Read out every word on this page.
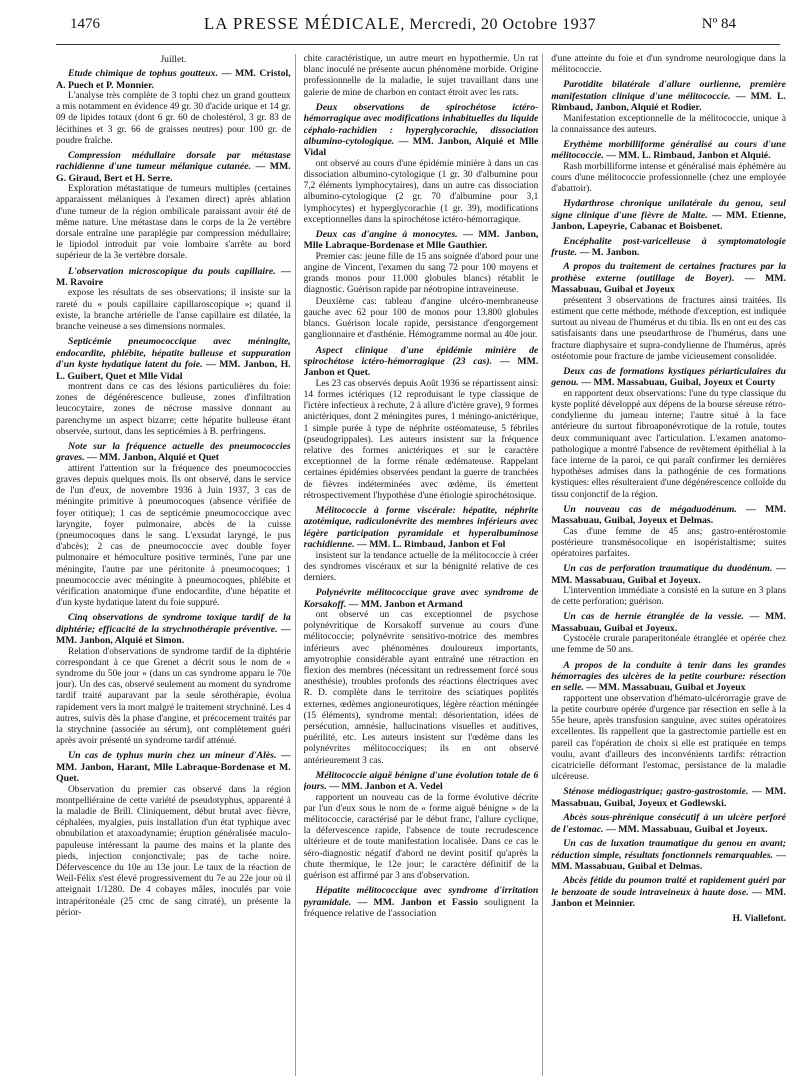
1476	LA PRESSE MÉDICALE, Mercredi, 20 Octobre 1937	Nº 84
Juillet.
Etude chimique de tophus goutteux. — MM. Cristol, A. Puech et P. Monnier.

L'analyse très complète de 3 tophi chez un grand goutteux a mis notamment en évidence 49 gr. 30 d'acide urique et 14 gr. 09 de lipides totaux (dont 6 gr. 60 de cholestérol, 3 gr. 83 de lécithines et 3 gr. 66 de graisses neutres) pour 100 gr. de poudre fraîche.

Compression médullaire dorsale par métastase rachidienne d'une tumeur mélanique cutanée. — MM. G. Giraud, Bert et H. Serre.

Exploration métastatique de tumeurs multiples (certaines apparaissent mélaniques à l'examen direct) après ablation d'une tumeur de la région ombilicale paraissant avoir été de même nature. Une métastase dans le corps de la 2e vertèbre dorsale entraîne une paraplégie par compression médullaire; le lipiodol introduit par voie lombaire s'arrête au bord supérieur de la 3e vertèbre dorsale.

L'observation microscopique du pouls capillaire. — M. Ravoire

expose les résultats de ses observations; il insiste sur la rareté du « pouls capillaire capillaroscopique »; quand il existe, la branche artérielle de l'anse capillaire est dilatée, la branche veineuse a ses dimensions normales.

Septicémie pneumococcique avec méningite, endocardite, phlébite, hépatite bulleuse et suppuration d'un kyste hydatique latent du foie. — MM. Janbon, H. L. Guibert, Quet et Mlle Vidal

montrent dans ce cas des lésions particulières du foie: zones de dégénérescence bulleuse, zones d'infiltration leucocytaire, zones de nécrose massive donnant au parenchyme un aspect bizarre; cette hépatite bulleuse étant observée, surtout, dans les septicémies à B. perfringens.

Note sur la fréquence actuelle des pneumococcies graves. — MM. Janbon, Alquié et Quet

attirent l'attention sur la fréquence des pneumococcies graves depuis quelques mois. Ils ont observé, dans le service de l'un d'eux, de novembre 1936 à Juin 1937, 3 cas de méningite primitive à pneumocoques (absence vérifiée de foyer otitique); 1 cas de septicémie pneumococcique avec laryngite, foyer pulmonaire, abcès de la cuisse (pneumocoques dans le sang. L'exsudat laryngé, le pus d'abcès); 2 cas de pneumococcie avec double foyer pulmonaire et hémoculture positive terminés, l'une par une méningite, l'autre par une péritonite à pneumocoques; 1 pneumococcie avec méningite à pneumocoques, phlébite et vérification anatomique d'une endocardite, d'une hépatite et d'un kyste hydatique latent du foie suppuré.

Cinq observations de syndrome toxique tardif de la diphtérie; efficacité de la strychnothérapie préventive. — MM. Janbon, Alquié et Simon.

Relation d'observations de syndrome tardif de la diphtérie correspondant à ce que Grenet a décrit sous le nom de « syndrome du 50e jour » (dans un cas syndrome apparu le 70e jour). Un des cas, observé seulement au moment du syndrome tardif traité auparavant par la seule sérothérapie, évolua rapidement vers la mort malgré le traitement strychniné. Les 4 autres, suivis dès la phase d'angine, et précocement traités par la strychnine (associée au sérum), ont complètement guéri après avoir présenté un syndrome tardif atténué.

Un cas de typhus murin chez un mineur d'Alès. — MM. Janbon, Harant, Mlle Labraque-Bordenase et M. Quet.

Observation du premier cas observé dans la région montpelliéraine de cette variété de pseudotyphus, apparenté à la maladie de Brill. Cliniquement, début brutal avec fièvre, céphalées, myalgies, puis installation d'un état typhique avec obnubilation et ataxoadynamie; éruption généralisée maculo-papuleuse intéressant la paume des mains et la plante des pieds, injection conjonctivale; pas de tache noire. Défervescence du 10e au 13e jour. Le taux de la réaction de Weil-Félix s'est élevé progressivement du 7e au 22e jour où il atteignait 1/1280. De 4 cobayes mâles, inoculés par voie intrapéritonéale (25 cmc de sang citraté), un présente la périor-

chite caractéristique, un autre meurt en hypothermie. Un rat blanc inoculé ne présente aucun phénomène morbide. Origine professionnelle de la maladie, le sujet travaillant dans une galerie de mine de charbon en contact étroit avec les rats.

Deux observations de spirochétose ictéro-hémorragique avec modifications inhabituelles du liquide céphalo-rachidien : hyperglycorachie, dissociation albumino-cytologique. — MM. Janbon, Alquié et Mlle Vidal

ont observé au cours d'une épidémie minière à dans un cas dissociation albumino-cytologique (1 gr. 30 d'albumine pour 7,2 éléments lymphocytaires), dans un autre cas dissociation albumino-cytologique (2 gr. 70 d'albumine pour 3,1 lymphocytes) et hyperglycorachie (1 gr. 39), modifications exceptionnelles dans la spirochétose ictéro-hémorragique.

Deux cas d'angine à monocytes. — MM. Janbon, Mlle Labraque-Bordenase et Mlle Gauthier.

Premier cas: jeune fille de 15 ans soignée d'abord pour une angine de Vincent, l'examen du sang 72 pour 100 moyens et grands monos pour 11.000 globules blancs) rétablit le diagnostic. Guérison rapide par néotropine intraveineuse.

Deuxième cas: tableau d'angine ulcéro-membraneuse gauche avec 62 pour 100 de monos pour 13.800 globules blancs. Guérison locale rapide, persistance d'engorgement ganglionnaire et d'asthénie. Hémogramme normal au 40e jour.

Aspect clinique d'une épidémie minière de spirochétose ictéro-hémorragique (23 cas). — MM. Janbon et Quet.

Les 23 cas observés depuis Août 1936 se répartissent ainsi: 14 formes ictériques (12 reproduisant le type classique de l'ictère infectieux à rechute, 2 à allure d'ictère grave), 9 formes anictériques, dont 2 méningites pures, 1 méningo-anictérique, 1 simple purée à type de néphrite ostéomateuse, 5 fébriles (pseudogrippales). Les auteurs insistent sur la fréquence relative des formes anictériques et sur le caractère exceptionnel de la forme rénale œdémateuse. Rappelant certaines épidémies observées pendant la guerre de tranchées de fièvres indéterminées avec œdème, ils émettent rétrospectivement l'hypothèse d'une étiologie spirochétosique.

Mélitococcie à forme viscérale: hépatite, néphrite azotémique, radiculonévrite des membres inférieurs avec légère participation pyramidale et hyperalbuminose rachidienne. — MM. L. Rimbaud, Janbon et Fol

insistent sur la tendance actuelle de la mélitococcie à créer des syndromes viscéraux et sur la bénignité relative de ces derniers.

Polynévrite mélitococcique grave avec syndrome de Korsakoff. — MM. Janbon et Armand

ont observé un cas exceptionnel de psychose polynévritique de Korsakoff survenue au cours d'une mélitococcie; polynévrite sensitivo-motrice des membres inférieurs avec phénomènes douloureux importants, amyotrophie considérable ayant entraîné une rétraction en flexion des membres (nécessitant un redressement forcé sous anesthésie), troubles profonds des réactions électriques avec R. D. complète dans le territoire des sciatiques poplités externes, œdèmes angioneurotiques, légère réaction méningée (15 éléments), syndrome mental: désorientation, idées de persécution, amnésie, hallucinations visuelles et auditives, puérilité, etc. Les auteurs insistent sur l'œdème dans les polynévrites mélitococciques; ils en ont observé antérieurement 3 cas.

Mélitococcie aiguë bénigne d'une évolution totale de 6 jours. — MM. Janbon et A. Vedel

rapportent un nouveau cas de la forme évolutive décrite par l'un d'eux sous le nom de « forme aiguë bénigne » de la mélitococcie, caractérisé par le début franc, l'allure cyclique, la défervescence rapide, l'absence de toute recrudescence ultérieure et de toute manifestation localisée. Dans ce cas le séro-diagnostic négatif d'abord ne devint positif qu'après la chute thermique, le 12e jour; le caractère définitif de la guérison est affirmé par 3 ans d'observation.

Hépatite mélitococcique avec syndrome d'irritation pyramidale. — MM. Janbon et Fassio soulignent la fréquence relative de l'association

d'une atteinte du foie et d'un syndrome neurologique dans la mélitococcie.

Parotidite bilatérale d'allure ourlienne, première manifestation clinique d'une mélitococcie. — MM. L. Rimbaud, Janbon, Alquié et Rodier.

Manifestation exceptionnelle de la mélitococcie, unique à la connaissance des auteurs.

Erythème morbilliforme généralisé au cours d'une mélitococcie. — MM. L. Rimbaud, Janbon et Alquié.

Rash morbilliforme intense et généralisé mais éphémère au cours d'une mélitococcie professionnelle (chez une employée d'abattoir).

Hydarthrose chronique unilatérale du genou, seul signe clinique d'une fièvre de Malte. — MM. Etienne, Janbon, Lapeyrie, Cabanac et Boisbenet.
Encéphalite post-varicelleuse à symptomatologie fruste. — M. Janbon.
A propos du traitement de certaines fractures par la prothèse externe (outillage de Boyer). — MM. Massabuau, Guibal et Joyeux

présentent 3 observations de fractures ainsi traitées. Ils estiment que cette méthode, méthode d'exception, est indiquée surtout au niveau de l'humérus et du tibia. Ils en ont eu des cas satisfaisants dans une pseudarthrose de l'humérus, dans une fracture diaphysaire et supra-condylienne de l'humérus, après ostéotomie pour fracture de jambe vicieusement consolidée.

Deux cas de formations kystiques périarticulaires du genou. — MM. Massabuau, Guibal, Joyeux et Courty

en rapportent deux observations: l'une du type classique du kyste poplité développé aux dépens de la bourse séreuse rétro-condylienne du jumeau interne; l'autre situé à la face antérieure du surtout fibroaponévrotique de la rotule, toutes deux communiquant avec l'articulation. L'examen anatomo-pathologique a montré l'absence de revêtement épithélial à la face interne de la paroi, ce qui paraît confirmer les dernières hypothèses admises dans la pathogénie de ces formations kystiques: elles résulteraient d'une dégénérescence colloïde du tissu conjonctif de la région.

Un nouveau cas de mégaduodénum. — MM. Massabuau, Guibal, Joyeux et Delmas.

Cas d'une femme de 45 ans; gastro-entérostomie postérieure transmésocolique en isopéristaltisme; suites opératoires parfaites.

Un cas de perforation traumatique du duodénum. — MM. Massabuau, Guibal et Joyeux.

L'intervention immédiate a consisté en la suture en 3 plans de cette perforation; guérison.

Un cas de hernie étranglée de la vessie. — MM. Massabuau, Guibal et Joyeux.

Cystocèle crurale paraperitonéale étranglée et opérée chez une femme de 50 ans.

A propos de la conduite à tenir dans les grandes hémorragies des ulcères de la petite courbure: résection en selle. — MM. Massabuau, Guibal et Joyeux

rapportent une observation d'hémato-ulcérorragie grave de la petite courbure opérée d'urgence par résection en selle à la 55e heure, après transfusion sanguine, avec suites opératoires excellentes. Ils rappellent que la gastrectomie partielle est en pareil cas l'opération de choix si elle est pratiquée en temps voulu, avant d'ailleurs des inconvénients tardifs: rétraction cicatricielle déformant l'estomac, persistance de la maladie ulcéreuse.

Sténose médiogastrique; gastro-gastrostomie. — MM. Massabuau, Guibal, Joyeux et Godlewski.
Abcès sous-phrénique consécutif à un ulcère perforé de l'estomac. — MM. Massabuau, Guibal et Joyeux.
Un cas de luxation traumatique du genou en avant; réduction simple, résultats fonctionnels remarquables. — MM. Massabuau, Guibal et Delmas.
Abcès fétide du poumon traité et rapidement guéri par le benzoate de soude intraveineux à haute dose. — MM. Janbon et Meinnier.
H. Viallefont.
